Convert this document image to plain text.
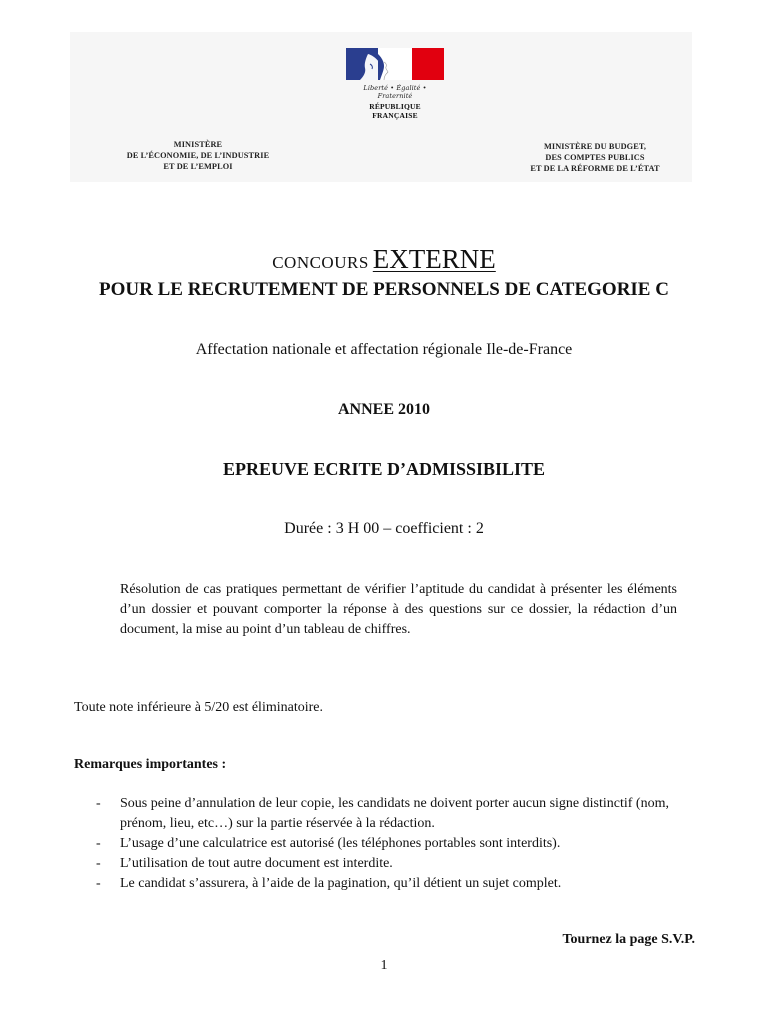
Liberté • Égalité • Fraternité
RÉPUBLIQUE FRANÇAISE
MINISTÈRE
DE L’ÉCONOMIE, DE L’INDUSTRIE
ET DE L’EMPLOI
MINISTÈRE DU BUDGET,
DES COMPTES PUBLICS
ET DE LA RÉFORME DE L’ÉTAT
CONCOURS EXTERNE
POUR LE RECRUTEMENT DE PERSONNELS DE CATEGORIE C
Affectation nationale et affectation régionale Ile-de-France
ANNEE 2010
EPREUVE ECRITE D’ADMISSIBILITE
Durée : 3 H 00 – coefficient : 2
Résolution de cas pratiques permettant de vérifier l’aptitude du candidat à présenter les éléments d’un dossier et pouvant comporter la réponse à des questions sur ce dossier, la rédaction d’un document, la mise au point d’un tableau de chiffres.
Toute note inférieure à 5/20 est éliminatoire.
Remarques importantes :
- Sous peine d’annulation de leur copie, les candidats ne doivent porter aucun signe distinctif (nom, prénom, lieu, etc…) sur la partie réservée à la rédaction.
- L’usage d’une calculatrice est autorisé (les téléphones portables sont interdits).
- L’utilisation de tout autre document est interdite.
- Le candidat s’assurera, à l’aide de la pagination, qu’il détient un sujet complet.
Tournez la page S.V.P.
1
